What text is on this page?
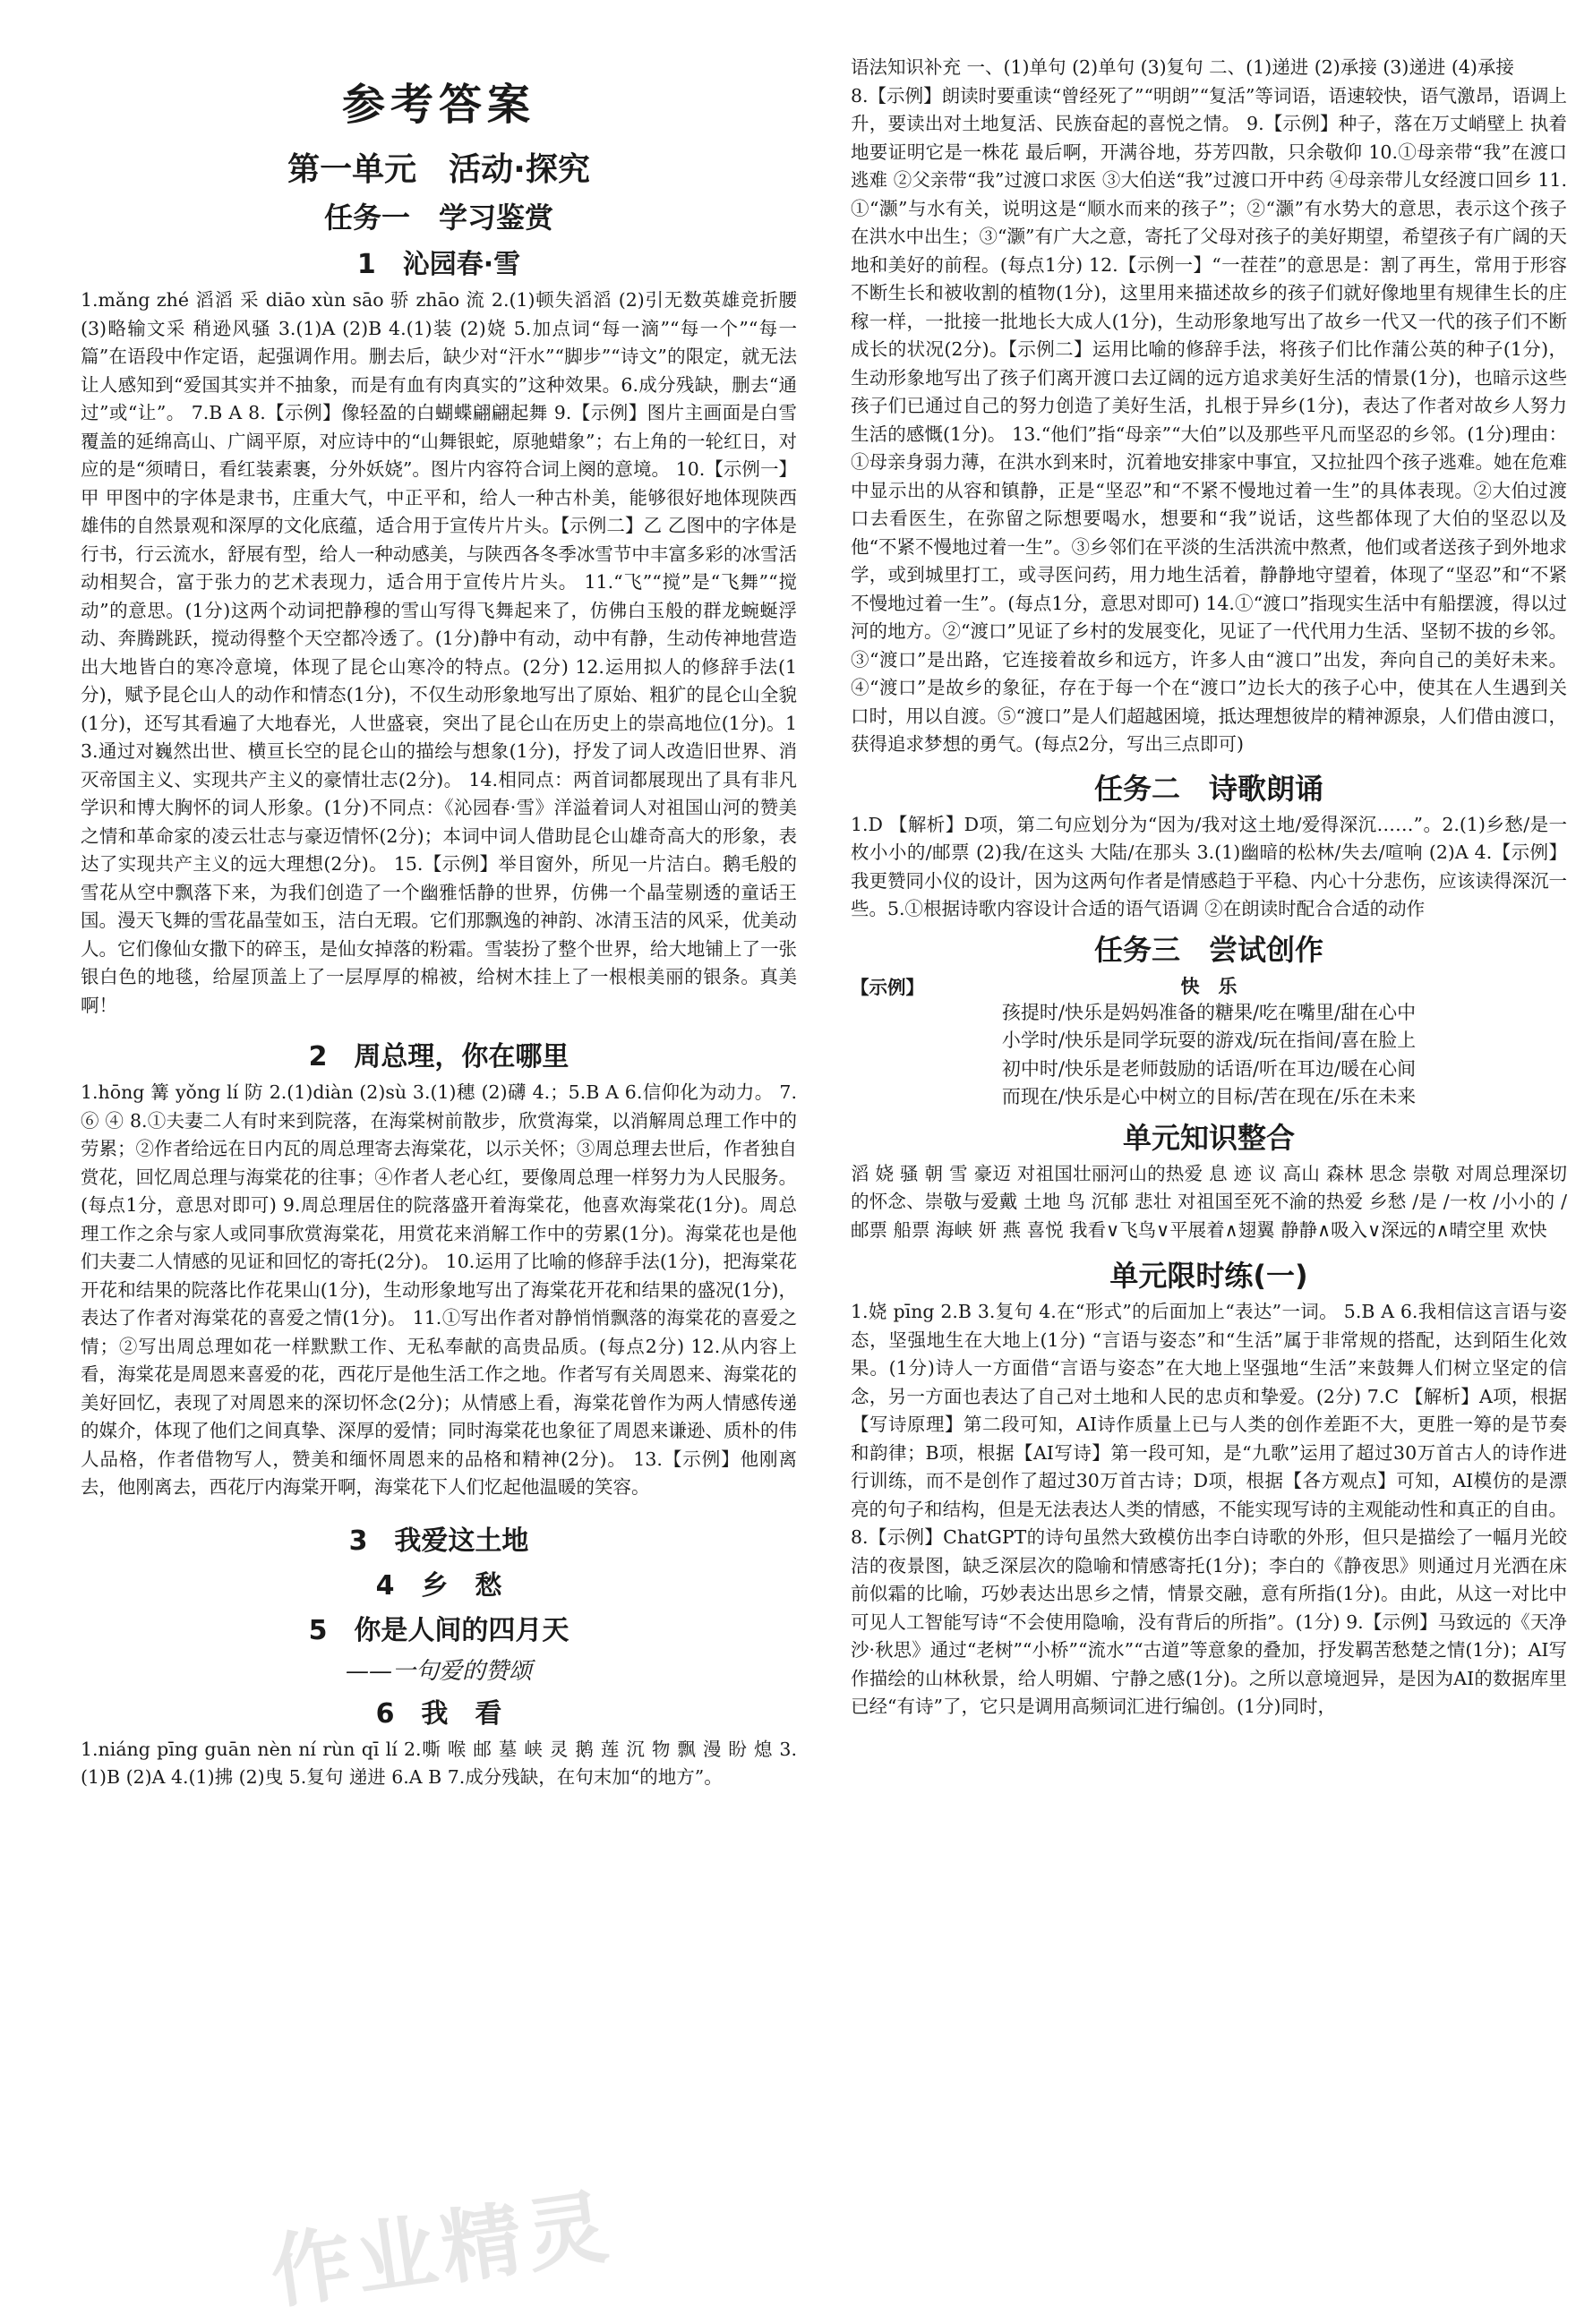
参考答案
第一单元　活动·探究
任务一　学习鉴赏
1　沁园春·雪

1.mǎng zhé 滔滔 采 diāo xùn sāo 骄 zhāo 流 2.(1)顿失滔滔 (2)引无数英雄竞折腰 (3)略输文采 稍逊风骚 3.(1)A (2)B 4.(1)装 (2)娆 5.加点词“每一滴”“每一个”“每一篇”在语段中作定语，起强调作用。删去后，缺少对“汗水”“脚步”“诗文”的限定，就无法让人感知到“爱国其实并不抽象，而是有血有肉真实的”这种效果。6.成分残缺，删去“通过”或“让”。 7.B A 8.【示例】像轻盈的白蝴蝶翩翩起舞 9.【示例】图片主画面是白雪覆盖的延绵高山、广阔平原，对应诗中的“山舞银蛇，原驰蜡象”；右上角的一轮红日，对应的是“须晴日，看红装素裹，分外妖娆”。图片内容符合词上阕的意境。 10.【示例一】甲 甲图中的字体是隶书，庄重大气，中正平和，给人一种古朴美，能够很好地体现陕西雄伟的自然景观和深厚的文化底蕴，适合用于宣传片片头。【示例二】乙 乙图中的字体是行书，行云流水，舒展有型，给人一种动感美，与陕西各冬季冰雪节中丰富多彩的冰雪活动相契合，富于张力的艺术表现力，适合用于宣传片片头。 11.“飞”“搅”是“飞舞”“搅动”的意思。(1分)这两个动词把静穆的雪山写得飞舞起来了，仿佛白玉般的群龙蜿蜒浮动、奔腾跳跃，搅动得整个天空都冷透了。(1分)静中有动，动中有静，生动传神地营造出大地皆白的寒冷意境，体现了昆仑山寒冷的特点。(2分) 12.运用拟人的修辞手法(1分)，赋予昆仑山人的动作和情态(1分)，不仅生动形象地写出了原始、粗犷的昆仑山全貌(1分)，还写其看遍了大地春光，人世盛衰，突出了昆仑山在历史上的崇高地位(1分)。13.通过对巍然出世、横亘长空的昆仑山的描绘与想象(1分)，抒发了词人改造旧世界、消灭帝国主义、实现共产主义的豪情壮志(2分)。 14.相同点：两首词都展现出了具有非凡学识和博大胸怀的词人形象。(1分)不同点：《沁园春·雪》洋溢着词人对祖国山河的赞美之情和革命家的凌云壮志与豪迈情怀(2分)；本词中词人借助昆仑山雄奇高大的形象，表达了实现共产主义的远大理想(2分)。 15.【示例】举目窗外，所见一片洁白。鹅毛般的雪花从空中飘落下来，为我们创造了一个幽雅恬静的世界，仿佛一个晶莹剔透的童话王国。漫天飞舞的雪花晶莹如玉，洁白无瑕。它们那飘逸的神韵、冰清玉洁的风采，优美动人。它们像仙女撒下的碎玉，是仙女掉落的粉霜。雪装扮了整个世界，给大地铺上了一张银白色的地毯，给屋顶盖上了一层厚厚的棉被，给树木挂上了一根根美丽的银条。真美啊！

2　周总理，你在哪里

1.hōng 篝 yǒng lí 防 2.(1)diàn (2)sù 3.(1)穗 (2)礴 4.；5.B A 6.信仰化为动力。 7.⑥ ④ 8.①夫妻二人有时来到院落，在海棠树前散步，欣赏海棠，以消解周总理工作中的劳累；②作者给远在日内瓦的周总理寄去海棠花，以示关怀；③周总理去世后，作者独自赏花，回忆周总理与海棠花的往事；④作者人老心红，要像周总理一样努力为人民服务。(每点1分，意思对即可) 9.周总理居住的院落盛开着海棠花，他喜欢海棠花(1分)。周总理工作之余与家人或同事欣赏海棠花，用赏花来消解工作中的劳累(1分)。海棠花也是他们夫妻二人情感的见证和回忆的寄托(2分)。 10.运用了比喻的修辞手法(1分)，把海棠花开花和结果的院落比作花果山(1分)，生动形象地写出了海棠花开花和结果的盛况(1分)，表达了作者对海棠花的喜爱之情(1分)。 11.①写出作者对静悄悄飘落的海棠花的喜爱之情；②写出周总理如花一样默默工作、无私奉献的高贵品质。(每点2分) 12.从内容上看，海棠花是周恩来喜爱的花，西花厅是他生活工作之地。作者写有关周恩来、海棠花的美好回忆，表现了对周恩来的深切怀念(2分)；从情感上看，海棠花曾作为两人情感传递的媒介，体现了他们之间真挚、深厚的爱情；同时海棠花也象征了周恩来谦逊、质朴的伟人品格，作者借物写人，赞美和缅怀周恩来的品格和精神(2分)。 13.【示例】他刚离去，他刚离去，西花厅内海棠开啊，海棠花下人们忆起他温暖的笑容。

3　我爱这土地
4　乡　愁
5　你是人间的四月天
——一句爱的赞颂
6　我　看

1.niáng pīng guān nèn ní rùn qī lí 2.嘶 喉 邮 墓 峡 灵 鹅 莲 沉 物 飘 漫 盼 熄 3.(1)B (2)A 4.(1)拂 (2)曳 5.复句 递进 6.A B 7.成分残缺，在句末加“的地方”。

语法知识补充 一、(1)单句 (2)单句 (3)复句 二、(1)递进 (2)承接 (3)递进 (4)承接

8.【示例】朗读时要重读“曾经死了”“明朗”“复活”等词语，语速较快，语气激昂，语调上升，要读出对土地复活、民族奋起的喜悦之情。 9.【示例】种子，落在万丈峭壁上 执着地要证明它是一株花 最后啊，开满谷地，芬芳四散，只余敬仰 10.①母亲带“我”在渡口逃难 ②父亲带“我”过渡口求医 ③大伯送“我”过渡口开中药 ④母亲带儿女经渡口回乡 11.①“灏”与水有关，说明这是“顺水而来的孩子”；②“灏”有水势大的意思，表示这个孩子在洪水中出生；③“灏”有广大之意，寄托了父母对孩子的美好期望，希望孩子有广阔的天地和美好的前程。(每点1分) 12.【示例一】“一茬茬”的意思是：割了再生，常用于形容不断生长和被收割的植物(1分)，这里用来描述故乡的孩子们就好像地里有规律生长的庄稼一样，一批接一批地长大成人(1分)，生动形象地写出了故乡一代又一代的孩子们不断成长的状况(2分)。【示例二】运用比喻的修辞手法，将孩子们比作蒲公英的种子(1分)，生动形象地写出了孩子们离开渡口去辽阔的远方追求美好生活的情景(1分)，也暗示这些孩子们已通过自己的努力创造了美好生活，扎根于异乡(1分)，表达了作者对故乡人努力生活的感慨(1分)。 13.“他们”指“母亲”“大伯”以及那些平凡而坚忍的乡邻。(1分)理由：①母亲身弱力薄，在洪水到来时，沉着地安排家中事宜，又拉扯四个孩子逃难。她在危难中显示出的从容和镇静，正是“坚忍”和“不紧不慢地过着一生”的具体表现。②大伯过渡口去看医生，在弥留之际想要喝水，想要和“我”说话，这些都体现了大伯的坚忍以及他“不紧不慢地过着一生”。③乡邻们在平淡的生活洪流中熬煮，他们或者送孩子到外地求学，或到城里打工，或寻医问药，用力地生活着，静静地守望着，体现了“坚忍”和“不紧不慢地过着一生”。(每点1分，意思对即可) 14.①“渡口”指现实生活中有船摆渡，得以过河的地方。②“渡口”见证了乡村的发展变化，见证了一代代用力生活、坚韧不拔的乡邻。③“渡口”是出路，它连接着故乡和远方，许多人由“渡口”出发，奔向自己的美好未来。④“渡口”是故乡的象征，存在于每一个在“渡口”边长大的孩子心中，使其在人生遇到关口时，用以自渡。⑤“渡口”是人们超越困境，抵达理想彼岸的精神源泉，人们借由渡口，获得追求梦想的勇气。(每点2分，写出三点即可)

任务二　诗歌朗诵

1.D 【解析】D项，第二句应划分为“因为/我对这土地/爱得深沉……”。2.(1)乡愁/是一枚小小的/邮票 (2)我/在这头 大陆/在那头 3.(1)幽暗的松林/失去/喧响 (2)A 4.【示例】我更赞同小仪的设计，因为这两句作者是情感趋于平稳、内心十分悲伤，应该读得深沉一些。5.①根据诗歌内容设计合适的语气语调 ②在朗读时配合合适的动作

任务三　尝试创作
【示例】	快　乐

孩提时/快乐是妈妈准备的糖果/吃在嘴里/甜在心中

小学时/快乐是同学玩耍的游戏/玩在指间/喜在脸上

初中时/快乐是老师鼓励的话语/听在耳边/暖在心间

而现在/快乐是心中树立的目标/苦在现在/乐在未来

单元知识整合

滔 娆 骚 朝 雪 豪迈 对祖国壮丽河山的热爱 息 迹 议 高山 森林 思念 崇敬 对周总理深切的怀念、崇敬与爱戴 土地 鸟 沉郁 悲壮 对祖国至死不渝的热爱 乡愁 /是 /一枚 /小小的 /邮票 船票 海峡 妍 燕 喜悦 我看∨飞鸟∨平展着∧翅翼 静静∧吸入∨深远的∧晴空里 欢快

单元限时练(一)

1.娆 pīng 2.B 3.复句 4.在“形式”的后面加上“表达”一词。 5.B A 6.我相信这言语与姿态，坚强地生在大地上(1分) “言语与姿态”和“生活”属于非常规的搭配，达到陌生化效果。(1分)诗人一方面借“言语与姿态”在大地上坚强地“生活”来鼓舞人们树立坚定的信念，另一方面也表达了自己对土地和人民的忠贞和挚爱。(2分) 7.C 【解析】A项，根据【写诗原理】第二段可知，AI诗作质量上已与人类的创作差距不大，更胜一筹的是节奏和韵律；B项，根据【AI写诗】第一段可知，是“九歌”运用了超过30万首古人的诗作进行训练，而不是创作了超过30万首古诗；D项，根据【各方观点】可知，AI模仿的是漂亮的句子和结构，但是无法表达人类的情感，不能实现写诗的主观能动性和真正的自由。 8.【示例】ChatGPT的诗句虽然大致模仿出李白诗歌的外形，但只是描绘了一幅月光皎洁的夜景图，缺乏深层次的隐喻和情感寄托(1分)；李白的《静夜思》则通过月光洒在床前似霜的比喻，巧妙表达出思乡之情，情景交融，意有所指(1分)。由此，从这一对比中可见人工智能写诗“不会使用隐喻，没有背后的所指”。(1分) 9.【示例】马致远的《天净沙·秋思》通过“老树”“小桥”“流水”“古道”等意象的叠加，抒发羁苦愁楚之情(1分)；AI写作描绘的山林秋景，给人明媚、宁静之感(1分)。之所以意境迥异，是因为AI的数据库里已经“有诗”了，它只是调用高频词汇进行编创。(1分)同时，

作业精灵
